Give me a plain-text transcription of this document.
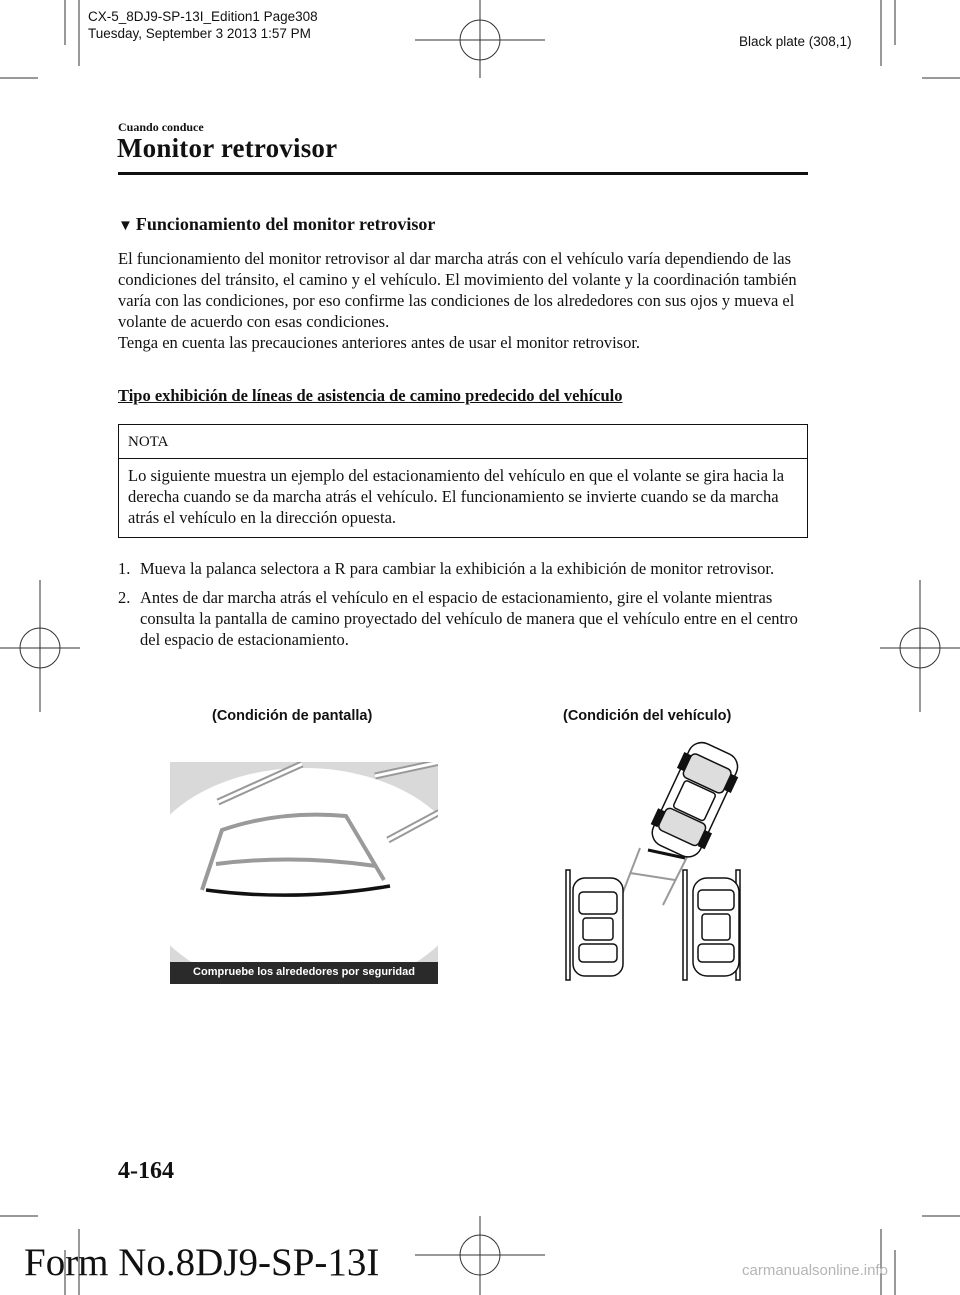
CX-5_8DJ9-SP-13I_Edition1 Page308
Tuesday, September 3 2013 1:57 PM
Black plate (308,1)
Cuando conduce
Monitor retrovisor
▼ Funcionamiento del monitor retrovisor

El funcionamiento del monitor retrovisor al dar marcha atrás con el vehículo varía dependiendo de las condiciones del tránsito, el camino y el vehículo. El movimiento del volante y la coordinación también varía con las condiciones, por eso confirme las condiciones de los alrededores con sus ojos y mueva el volante de acuerdo con esas condiciones.

Tenga en cuenta las precauciones anteriores antes de usar el monitor retrovisor.

Tipo exhibición de líneas de asistencia de camino predecido del vehículo
NOTA
Lo siguiente muestra un ejemplo del estacionamiento del vehículo en que el volante se gira hacia la derecha cuando se da marcha atrás el vehículo. El funcionamiento se invierte cuando se da marcha atrás el vehículo en la dirección opuesta.
1. Mueva la palanca selectora a R para cambiar la exhibición a la exhibición de monitor retrovisor.
2. Antes de dar marcha atrás el vehículo en el espacio de estacionamiento, gire el volante mientras consulta la pantalla de camino proyectado del vehículo de manera que el vehículo entre en el centro del espacio de estacionamiento.
(Condición de pantalla)	(Condición del vehículo)
Compruebe los alrededores por seguridad
4-164
Form No.8DJ9-SP-13I	carmanualsonline.info
